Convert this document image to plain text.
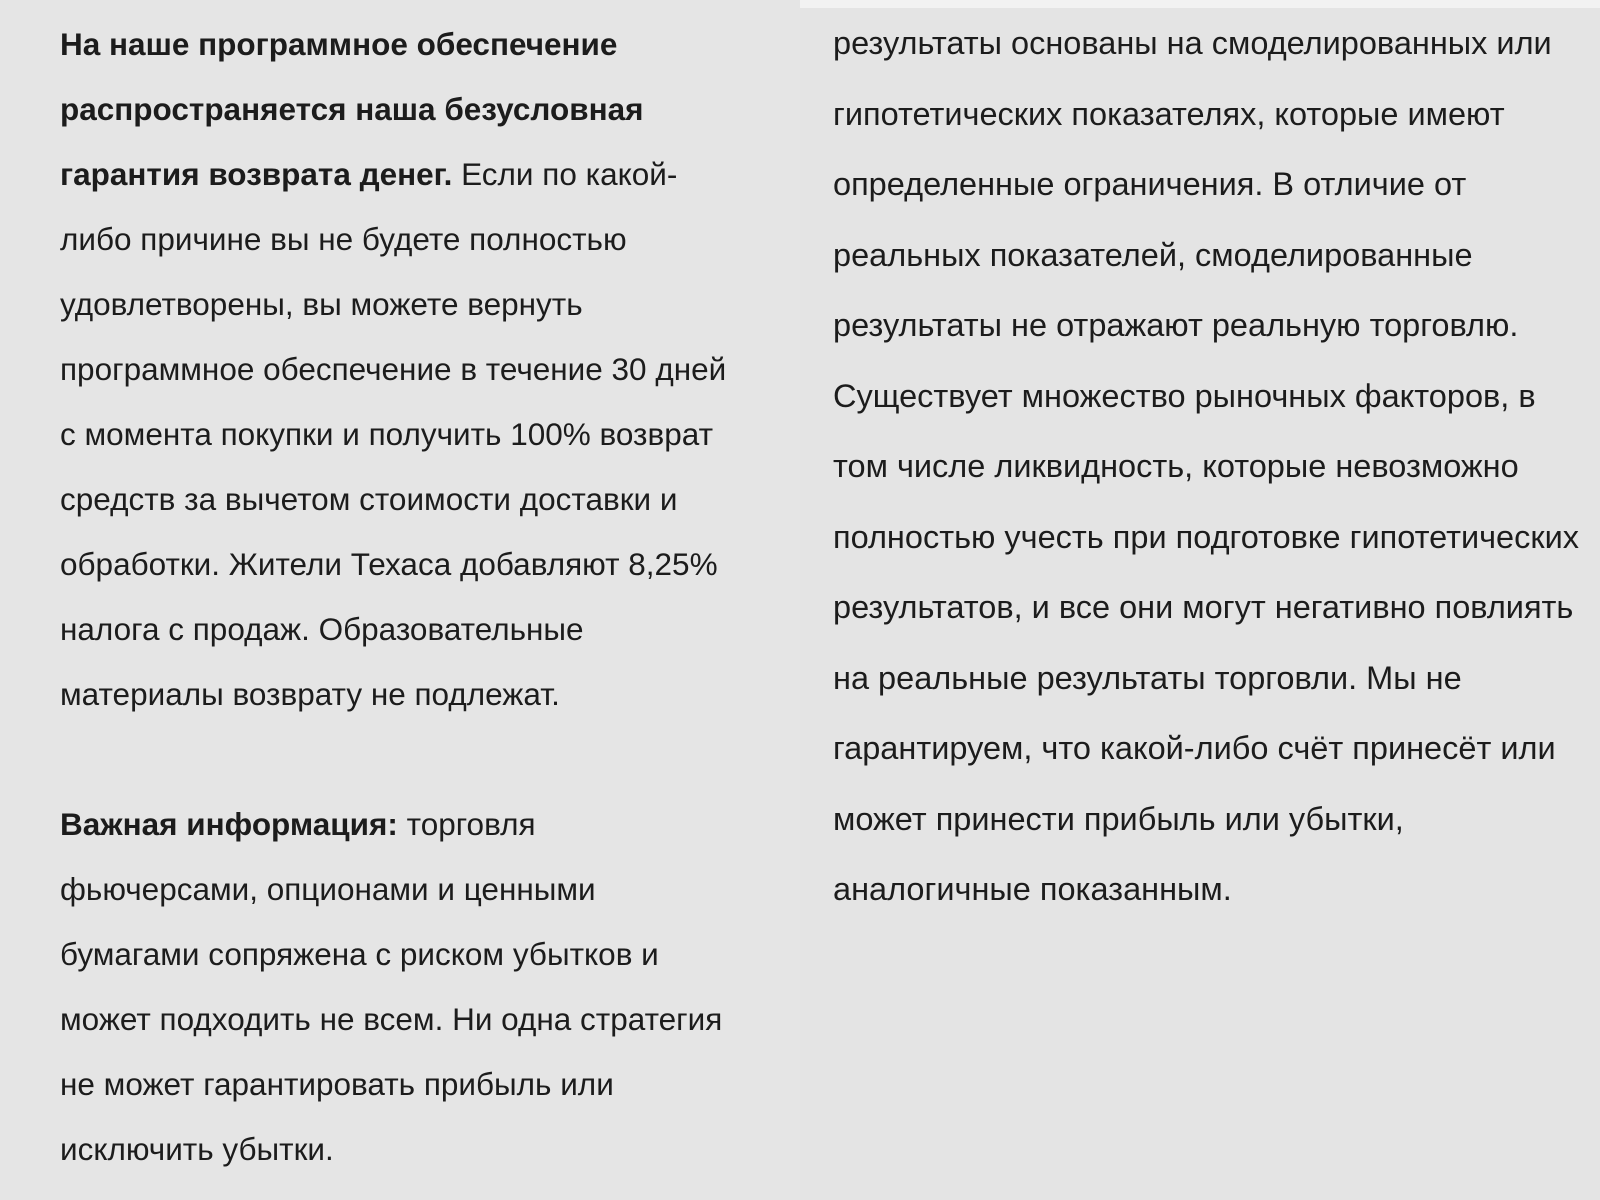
На наше программное обеспечение распространяется наша безусловная гарантия возврата денег. Если по какой-либо причине вы не будете полностью удовлетворены, вы можете вернуть программное обеспечение в течение 30 дней с момента покупки и получить 100% возврат средств за вычетом стоимости доставки и обработки. Жители Техаса добавляют 8,25% налога с продаж. Образовательные материалы возврату не подлежат.

Важная информация: торговля фьючерсами, опционами и ценными бумагами сопряжена с риском убытков и может подходить не всем. Ни одна стратегия не может гарантировать прибыль или исключить убытки.

результаты основаны на смоделированных или гипотетических показателях, которые имеют определенные ограничения. В отличие от реальных показателей, смоделированные результаты не отражают реальную торговлю. Существует множество рыночных факторов, в том числе ликвидность, которые невозможно полностью учесть при подготовке гипотетических результатов, и все они могут негативно повлиять на реальные результаты торговли. Мы не гарантируем, что какой-либо счёт принесёт или может принести прибыль или убытки, аналогичные показанным.
